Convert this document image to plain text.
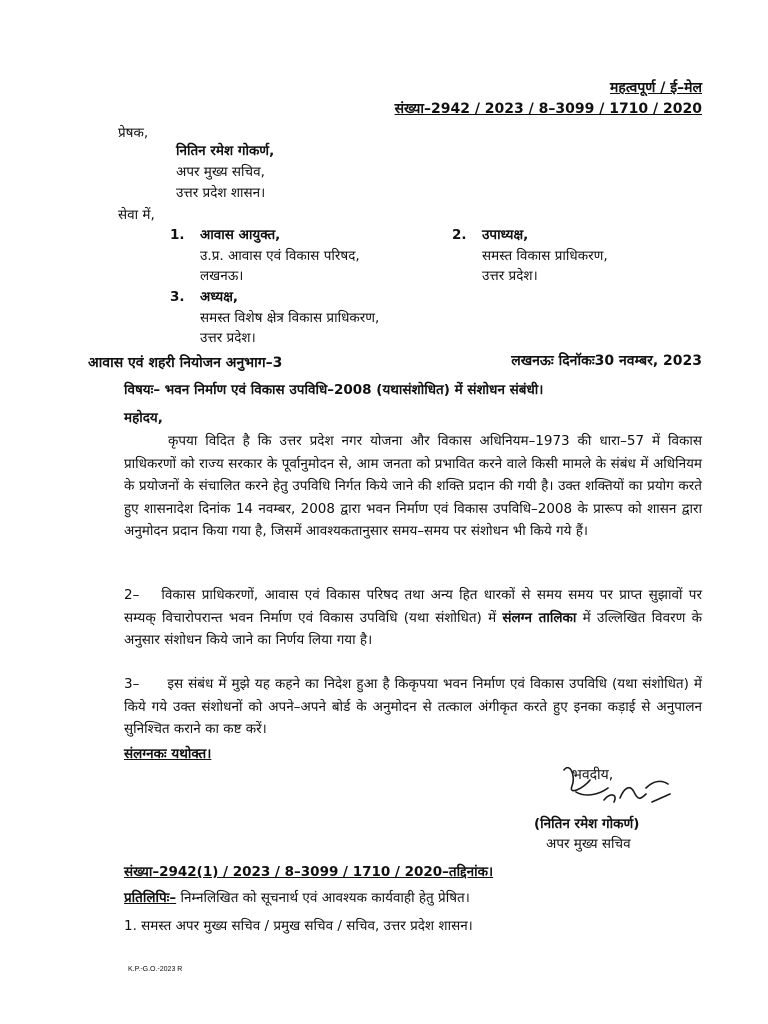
महत्वपूर्ण / ई–मेल
संख्या–2942 / 2023 / 8–3099 / 1710 / 2020
प्रेषक,
नितिन रमेश गोकर्ण,
अपर मुख्य सचिव,
उत्तर प्रदेश शासन।
सेवा में,
1. आवास आयुक्त,
उ.प्र. आवास एवं विकास परिषद,
लखनऊ।
2. उपाध्यक्ष,
समस्त विकास प्राधिकरण,
उत्तर प्रदेश।
3. अध्यक्ष,
समस्त विशेष क्षेत्र विकास प्राधिकरण,
उत्तर प्रदेश।
आवास एवं शहरी नियोजन अनुभाग–3	लखनऊः दिनॉकः30 नवम्बर, 2023
विषयः– भवन निर्माण एवं विकास उपविधि–2008 (यथासंशोधित) में संशोधन संबंधी।
महोदय,
कृपया विदित है कि उत्तर प्रदेश नगर योजना और विकास अधिनियम–1973 की धारा–57 में विकास प्राधिकरणों को राज्य सरकार के पूर्वानुमोदन से, आम जनता को प्रभावित करने वाले किसी मामले के संबंध में अधिनियम के प्रयोजनों के संचालित करने हेतु उपविधि निर्गत किये जाने की शक्ति प्रदान की गयी है। उक्त शक्तियों का प्रयोग करते हुए शासनादेश दिनांक 14 नवम्बर, 2008 द्वारा भवन निर्माण एवं विकास उपविधि–2008 के प्रारूप को शासन द्वारा अनुमोदन प्रदान किया गया है, जिसमें आवश्यकतानुसार समय–समय पर संशोधन भी किये गये हैं।
2– विकास प्राधिकरणों, आवास एवं विकास परिषद तथा अन्य हित धारकों से समय समय पर प्राप्त सुझावों पर सम्यक् विचारोपरान्त भवन निर्माण एवं विकास उपविधि (यथा संशोधित) में संलग्न तालिका में उल्लिखित विवरण के अनुसार संशोधन किये जाने का निर्णय लिया गया है।
3– इस संबंध में मुझे यह कहने का निदेश हुआ है किकृपया भवन निर्माण एवं विकास उपविधि (यथा संशोधित) में किये गये उक्त संशोधनों को अपने–अपने बोर्ड के अनुमोदन से तत्काल अंगीकृत करते हुए इनका कड़ाई से अनुपालन सुनिश्चित कराने का कष्ट करें।
संलग्नकः यथोक्त।
भवदीय,
(नितिन रमेश गोकर्ण)
अपर मुख्य सचिव
संख्या–2942(1) / 2023 / 8–3099 / 1710 / 2020–तद्दिनांक।
प्रतिलिपिः– निम्नलिखित को सूचनार्थ एवं आवश्यक कार्यवाही हेतु प्रेषित।
1. समस्त अपर मुख्य सचिव / प्रमुख सचिव / सचिव, उत्तर प्रदेश शासन।
K.P.-G.O.-2023 R
